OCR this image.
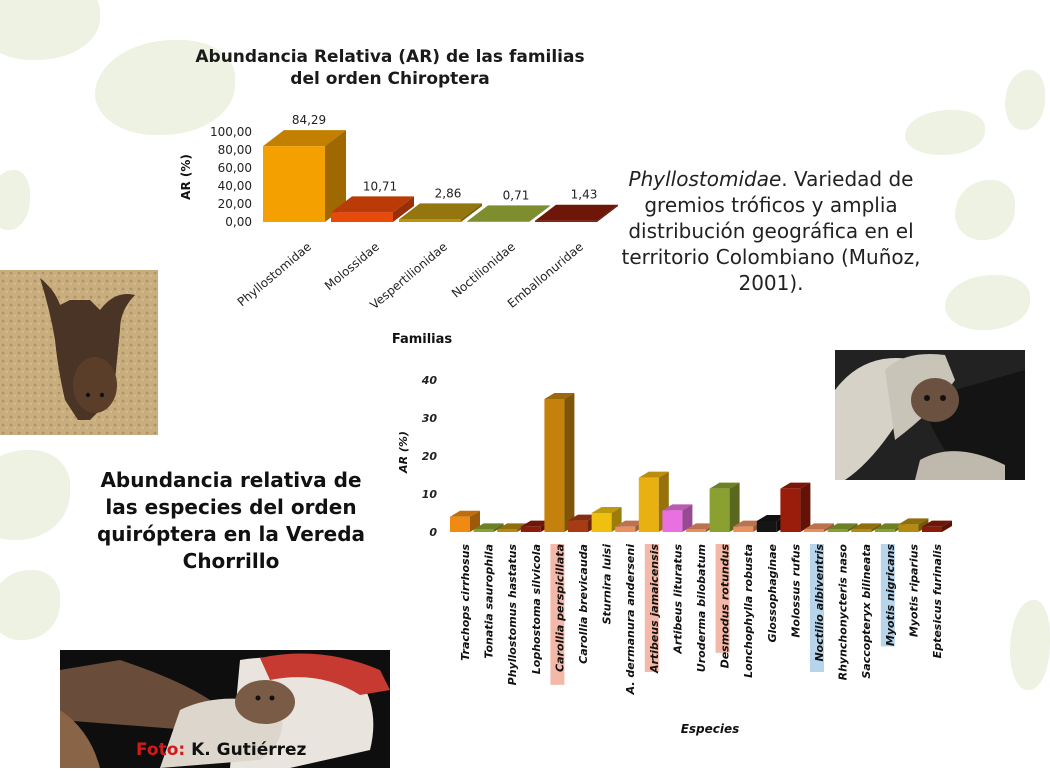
Abundancia Relativa (AR) de las familias del orden Chiroptera
0,00
20,00
40,00
60,00
80,00
100,00
AR (%)
84,29
Phyllostomidae
10,71
Molossidae
2,86
Vespertilionidae
0,71
Noctilionidae
1,43
Emballonuridae
Familias
Phyllostomidae. Variedad de gremios tróficos y amplia distribución geográfica en el territorio Colombiano (Muñoz, 2001).
Abundancia relativa de las especies del orden quiróptera en la Vereda Chorrillo
0
10
20
30
40
AR (%)
Trachops cirrhosus Tonatia saurophila Phyllostomus hastatus Lophostoma silvicola Carollia perspicillata Carollia brevicauda Sturnira luisi A. dermanura anderseni Artibeus jamaicensis Artibeus lituratus Uroderma bilobatum Desmodus rotundus Lonchophylla robusta Glossophaginae Molossus rufus Noctilio albiventris Rhynchonycteris naso Saccopteryx bilineata Myotis nigricans Myotis riparius Eptesicus furinalis
Especies
Foto: K. Gutiérrez
